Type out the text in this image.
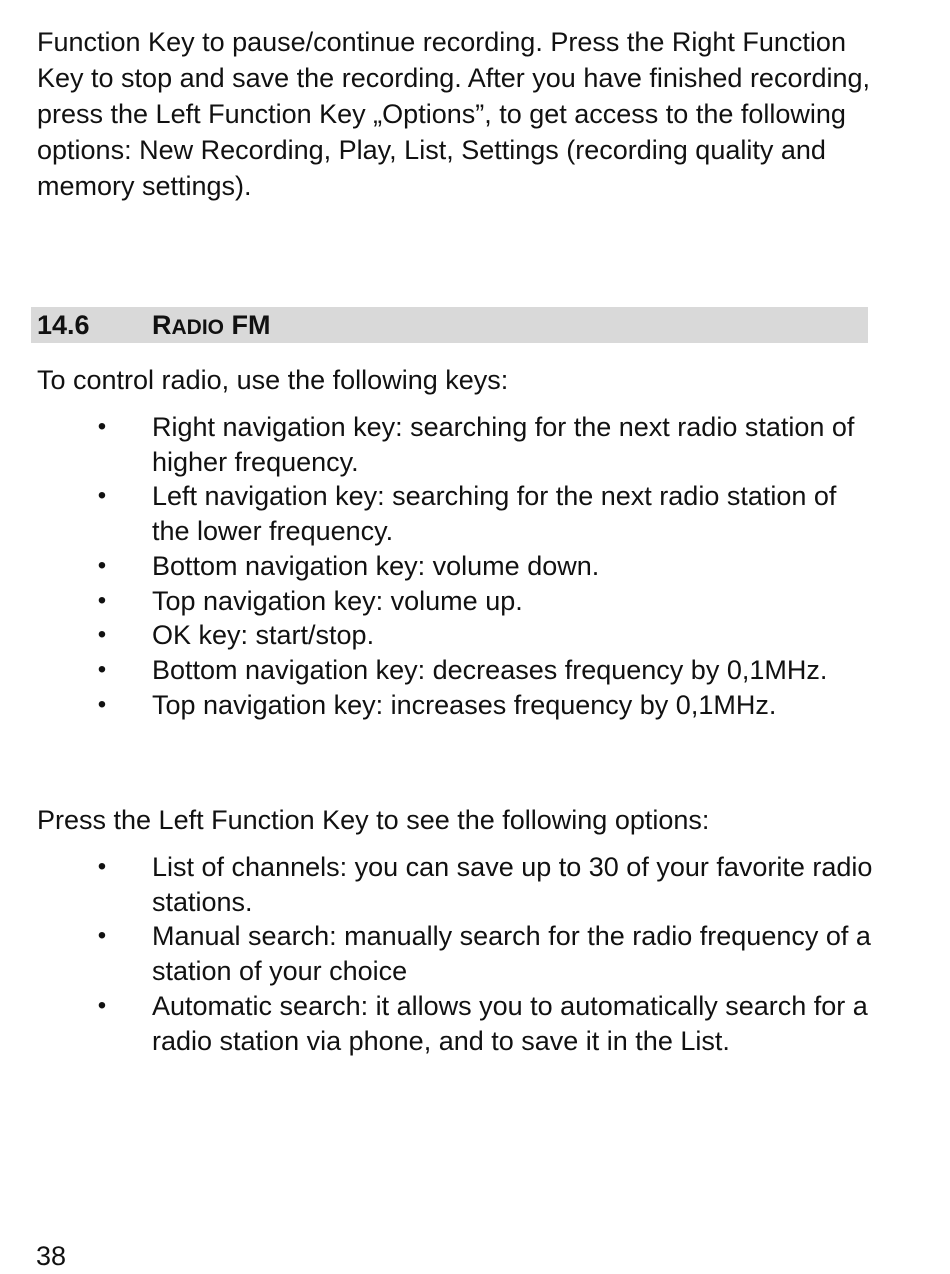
Function Key to pause/continue recording. Press the Right Function Key to stop and save the recording. After you have finished recording, press the Left Function Key „Options”, to get access to the following options: New Recording, Play, List, Settings (recording quality and memory settings).

14.6 RADIO FM

To control radio, use the following keys:

• Right navigation key: searching for the next radio station of higher frequency.
• Left navigation key: searching for the next radio station of the lower frequency.
• Bottom navigation key: volume down.
• Top navigation key: volume up.
• OK key: start/stop.
• Bottom navigation key: decreases frequency by 0,1MHz.
• Top navigation key: increases frequency by 0,1MHz.

Press the Left Function Key to see the following options:

• List of channels: you can save up to 30 of your favorite radio stations.
• Manual search: manually search for the radio frequency of a station of your choice
• Automatic search: it allows you to automatically search for a radio station via phone, and to save it in the List.
38
